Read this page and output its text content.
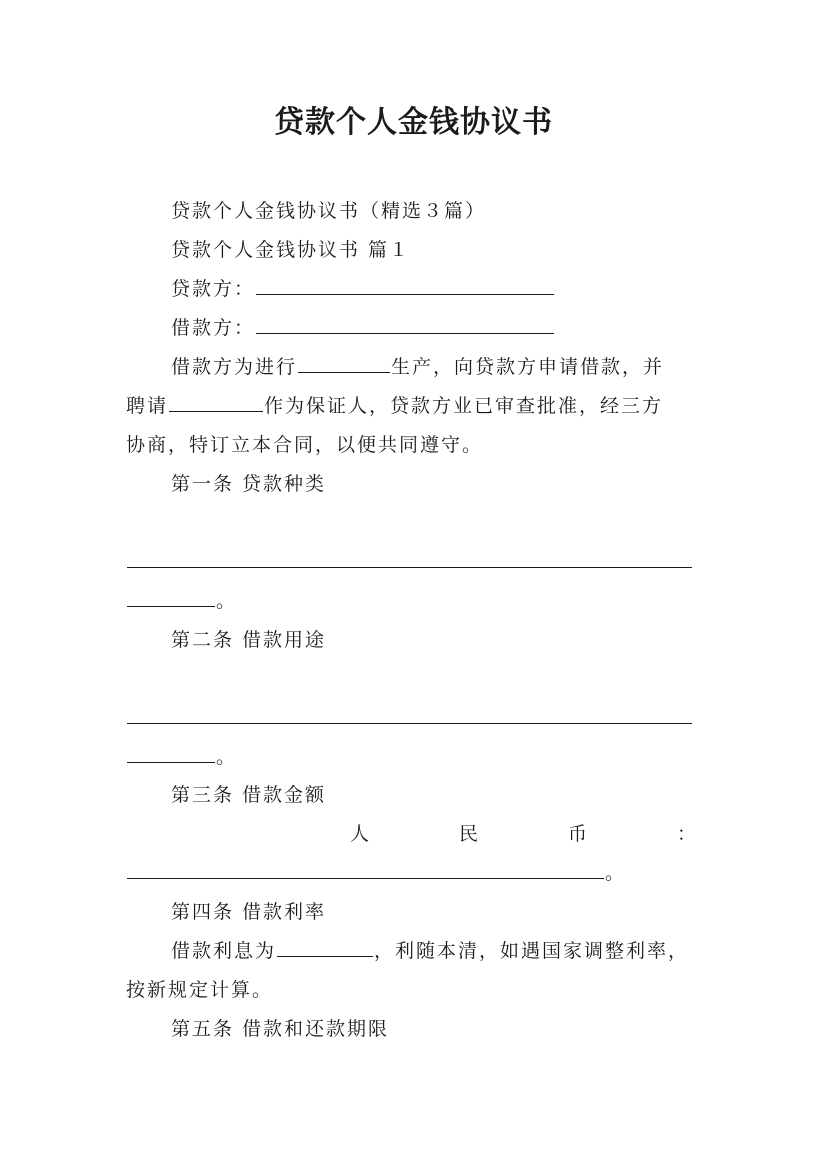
贷款个人金钱协议书
贷款个人金钱协议书（精选３篇）
贷款个人金钱协议书 篇１
贷款方：
借款方：
借款方为进行	生产，向贷款方申请借款，并
聘请	作为保证人，贷款方业已审查批准，经三方
协商，特订立本合同，以便共同遵守。
第一条 贷款种类
。
第二条 借款用途
。
第三条 借款金额
人	民	币	：
。
第四条 借款利率
借款利息为	，利随本清，如遇国家调整利率，
按新规定计算。
第五条 借款和还款期限
